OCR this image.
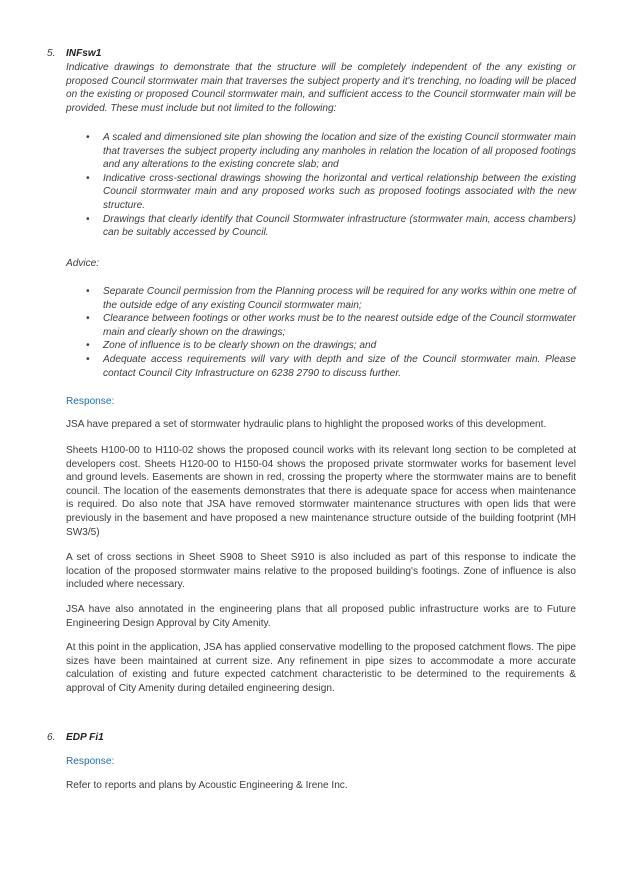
5. INFsw1
Indicative drawings to demonstrate that the structure will be completely independent of the any existing or proposed Council stormwater main that traverses the subject property and it's trenching, no loading will be placed on the existing or proposed Council stormwater main, and sufficient access to the Council stormwater main will be provided. These must include but not limited to the following:
• A scaled and dimensioned site plan showing the location and size of the existing Council stormwater main that traverses the subject property including any manholes in relation the location of all proposed footings and any alterations to the existing concrete slab; and
• Indicative cross-sectional drawings showing the horizontal and vertical relationship between the existing Council stormwater main and any proposed works such as proposed footings associated with the new structure.
• Drawings that clearly identify that Council Stormwater infrastructure (stormwater main, access chambers) can be suitably accessed by Council.
Advice:
• Separate Council permission from the Planning process will be required for any works within one metre of the outside edge of any existing Council stormwater main;
• Clearance between footings or other works must be to the nearest outside edge of the Council stormwater main and clearly shown on the drawings;
• Zone of influence is to be clearly shown on the drawings; and
• Adequate access requirements will vary with depth and size of the Council stormwater main. Please contact Council City Infrastructure on 6238 2790 to discuss further.
Response:
JSA have prepared a set of stormwater hydraulic plans to highlight the proposed works of this development.
Sheets H100-00 to H110-02 shows the proposed council works with its relevant long section to be completed at developers cost. Sheets H120-00 to H150-04 shows the proposed private stormwater works for basement level and ground levels. Easements are shown in red, crossing the property where the stormwater mains are to benefit council. The location of the easements demonstrates that there is adequate space for access when maintenance is required. Do also note that JSA have removed stormwater maintenance structures with open lids that were previously in the basement and have proposed a new maintenance structure outside of the building footprint (MH SW3/5)
A set of cross sections in Sheet S908 to Sheet S910 is also included as part of this response to indicate the location of the proposed stormwater mains relative to the proposed building's footings. Zone of influence is also included where necessary.
JSA have also annotated in the engineering plans that all proposed public infrastructure works are to Future Engineering Design Approval by City Amenity.
At this point in the application, JSA has applied conservative modelling to the proposed catchment flows. The pipe sizes have been maintained at current size. Any refinement in pipe sizes to accommodate a more accurate calculation of existing and future expected catchment characteristic to be determined to the requirements & approval of City Amenity during detailed engineering design.
6. EDP Fi1
Response:
Refer to reports and plans by Acoustic Engineering & Irene Inc.
